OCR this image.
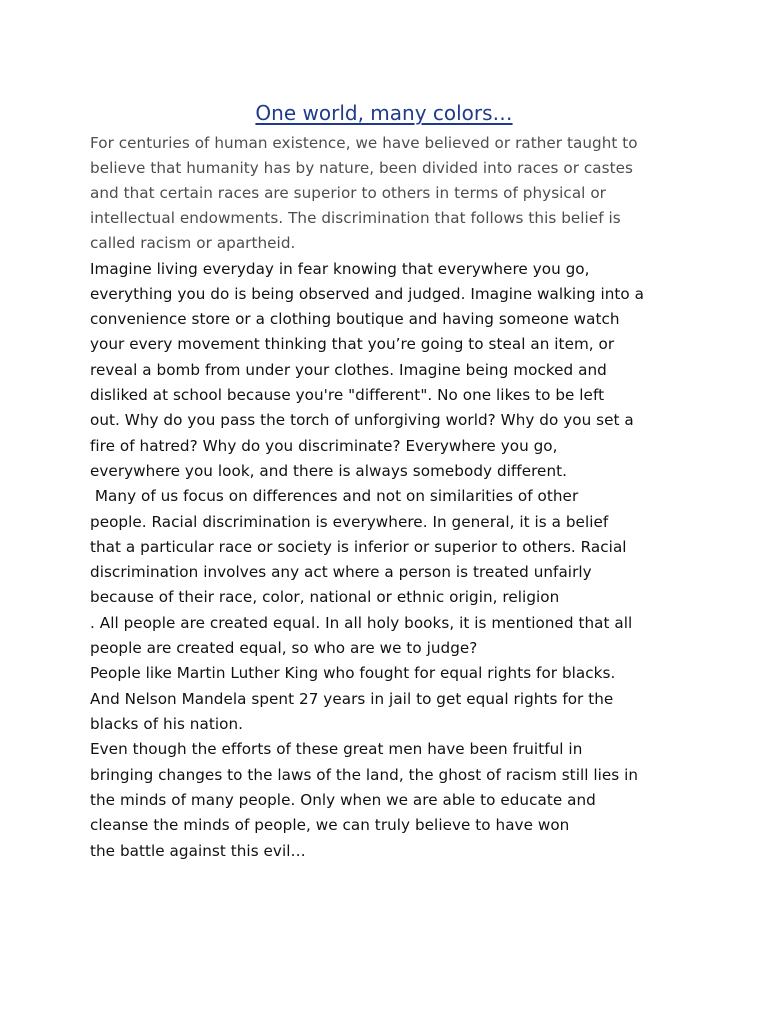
One world, many colors…
For centuries of human existence, we have believed or rather taught to
believe that humanity has by nature, been divided into races or castes
and that certain races are superior to others in terms of physical or
intellectual endowments. The discrimination that follows this belief is
called racism or apartheid.
Imagine living everyday in fear knowing that everywhere you go,
everything you do is being observed and judged. Imagine walking into a
convenience store or a clothing boutique and having someone watch
your every movement thinking that you’re going to steal an item, or
reveal a bomb from under your clothes. Imagine being mocked and
disliked at school because you're "different". No one likes to be left
out. Why do you pass the torch of unforgiving world? Why do you set a
fire of hatred? Why do you discriminate? Everywhere you go,
everywhere you look, and there is always somebody different.
Many of us focus on differences and not on similarities of other
people. Racial discrimination is everywhere. In general, it is a belief
that a particular race or society is inferior or superior to others. Racial
discrimination involves any act where a person is treated unfairly
because of their race, color, national or ethnic origin, religion
. All people are created equal. In all holy books, it is mentioned that all
people are created equal, so who are we to judge?
People like Martin Luther King who fought for equal rights for blacks.
And Nelson Mandela spent 27 years in jail to get equal rights for the
blacks of his nation.
Even though the efforts of these great men have been fruitful in
bringing changes to the laws of the land, the ghost of racism still lies in
the minds of many people. Only when we are able to educate and
cleanse the minds of people, we can truly believe to have won
the battle against this evil…
